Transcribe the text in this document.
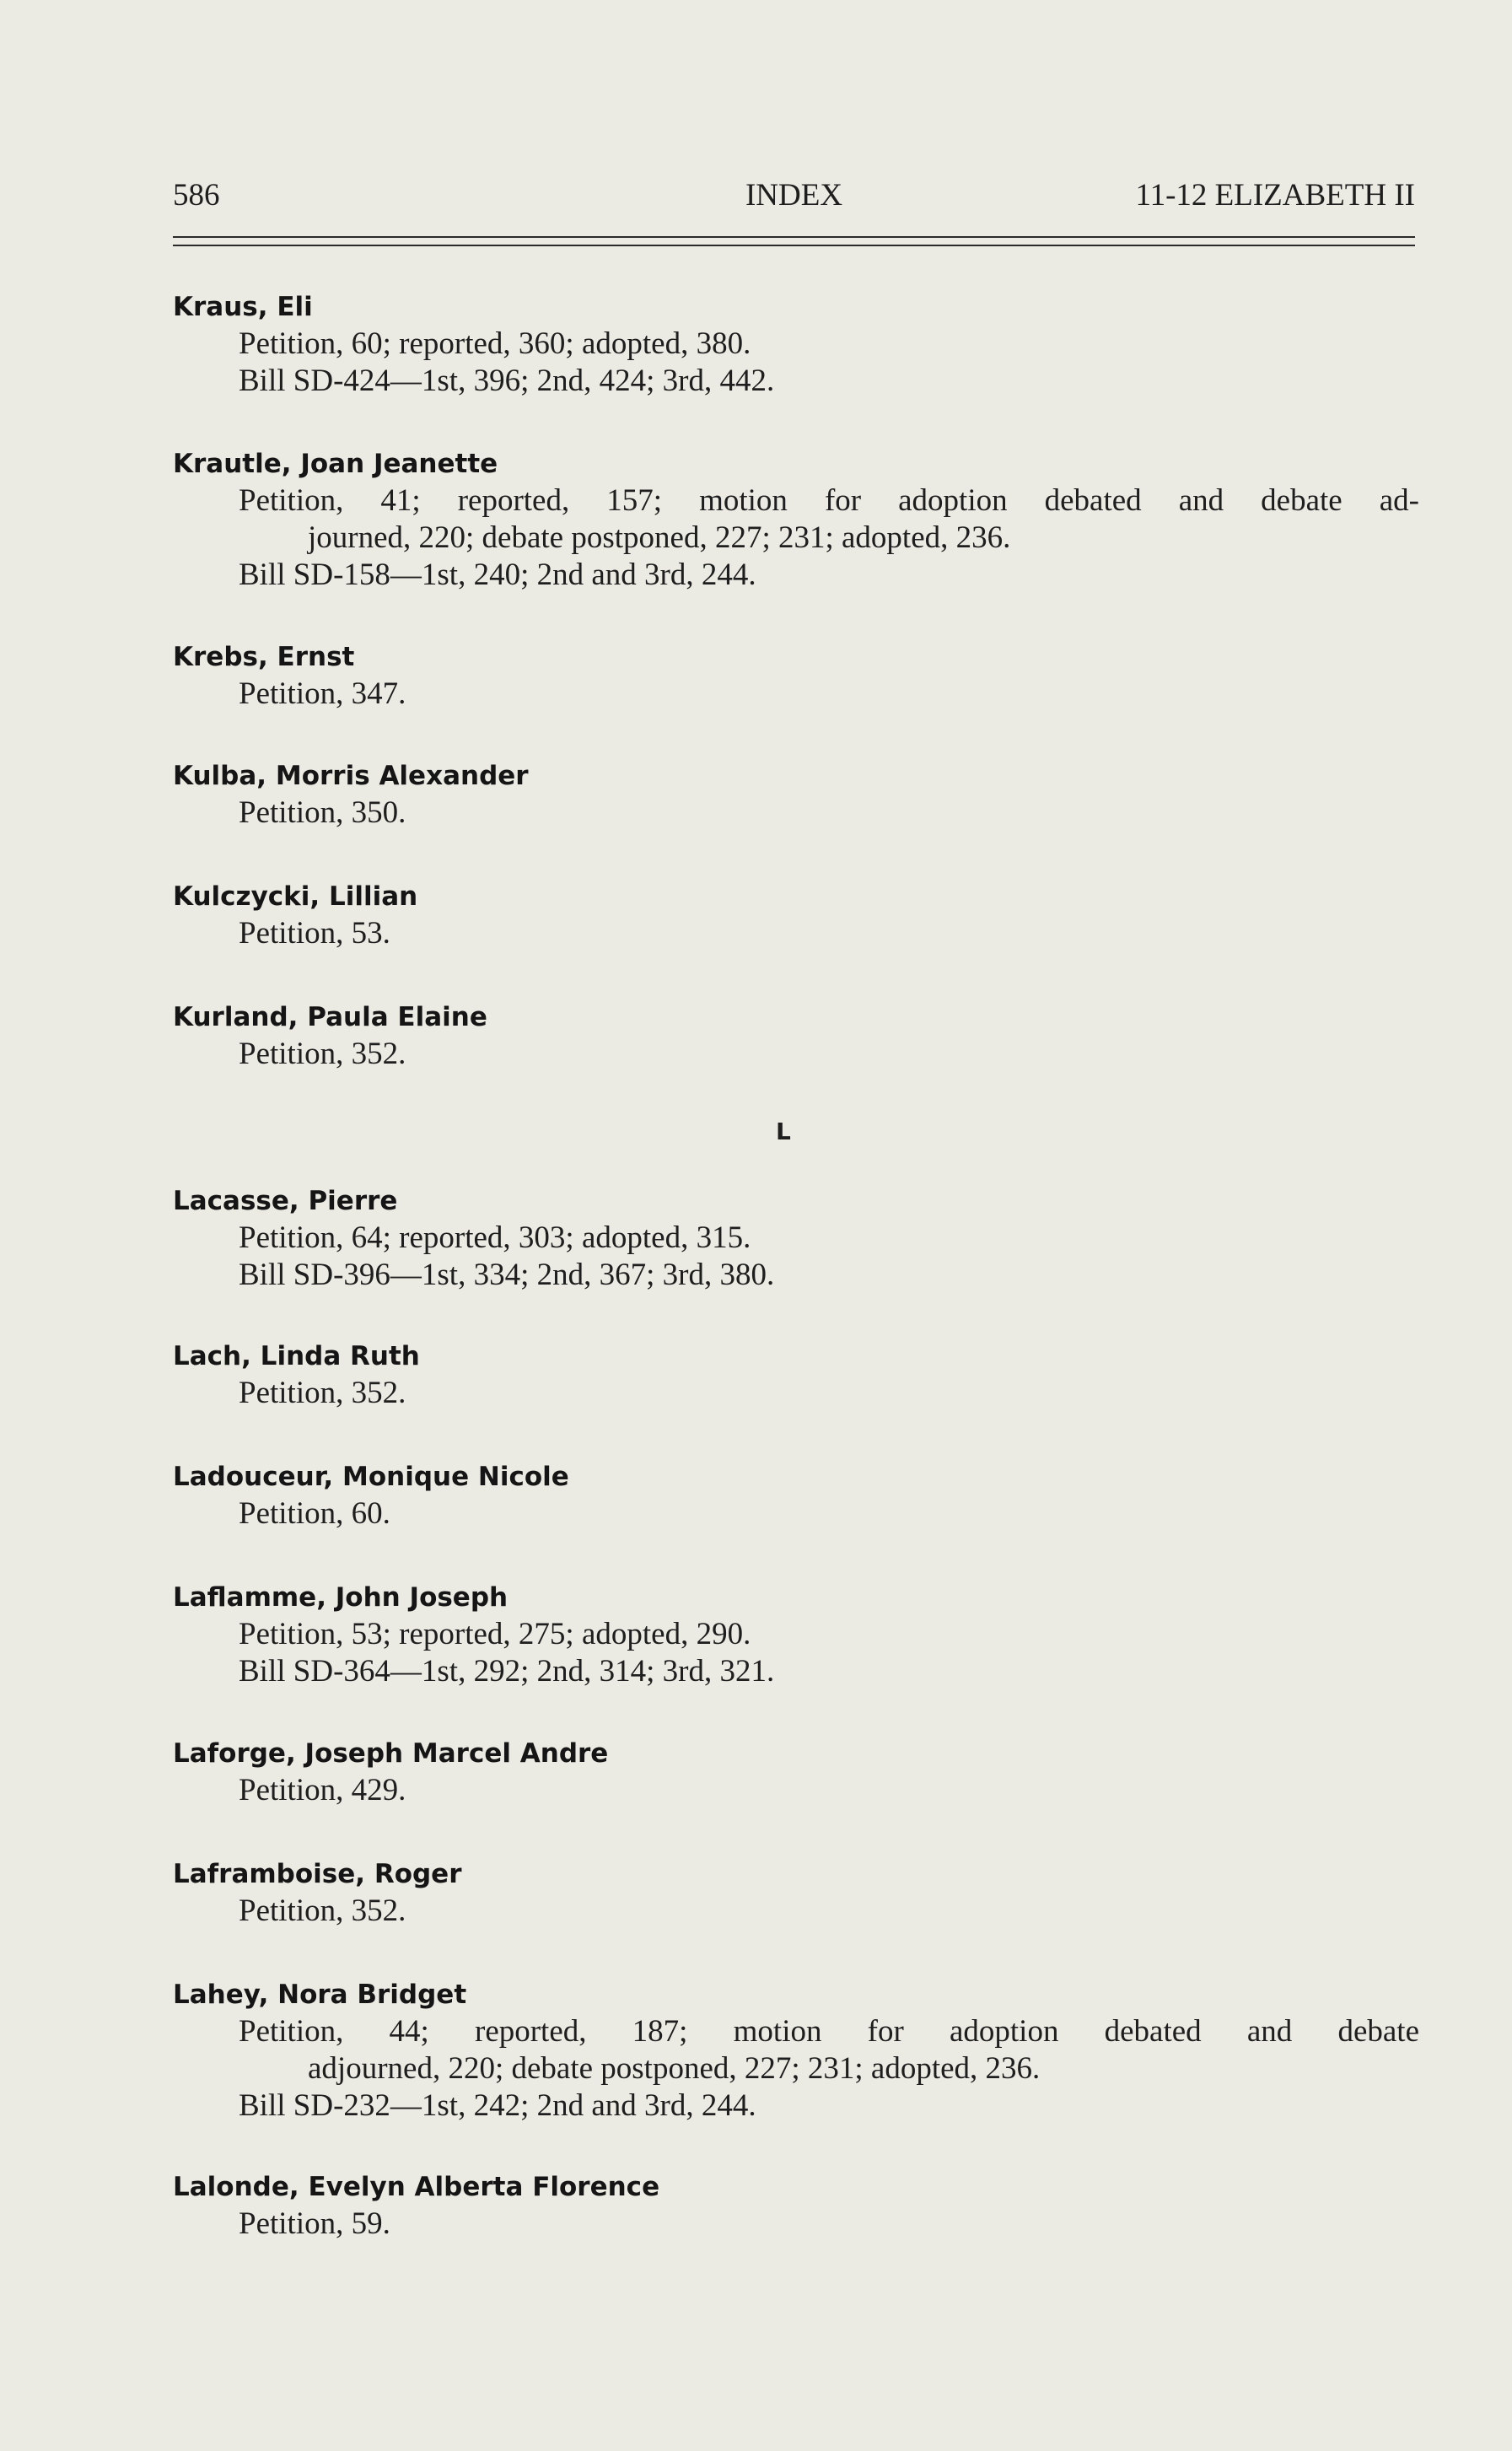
586	INDEX	11-12 ELIZABETH II
Kraus, Eli
Petition, 60; reported, 360; adopted, 380.
Bill SD-424—1st, 396; 2nd, 424; 3rd, 442.
Krautle, Joan Jeanette
Petition, 41; reported, 157; motion for adoption debated and debate ad-
journed, 220; debate postponed, 227; 231; adopted, 236.
Bill SD-158—1st, 240; 2nd and 3rd, 244.
Krebs, Ernst
Petition, 347.
Kulba, Morris Alexander
Petition, 350.
Kulczycki, Lillian
Petition, 53.
Kurland, Paula Elaine
Petition, 352.
L
Lacasse, Pierre
Petition, 64; reported, 303; adopted, 315.
Bill SD-396—1st, 334; 2nd, 367; 3rd, 380.
Lach, Linda Ruth
Petition, 352.
Ladouceur, Monique Nicole
Petition, 60.
Laflamme, John Joseph
Petition, 53; reported, 275; adopted, 290.
Bill SD-364—1st, 292; 2nd, 314; 3rd, 321.
Laforge, Joseph Marcel Andre
Petition, 429.
Laframboise, Roger
Petition, 352.
Lahey, Nora Bridget
Petition, 44; reported, 187; motion for adoption debated and debate
adjourned, 220; debate postponed, 227; 231; adopted, 236.
Bill SD-232—1st, 242; 2nd and 3rd, 244.
Lalonde, Evelyn Alberta Florence
Petition, 59.
